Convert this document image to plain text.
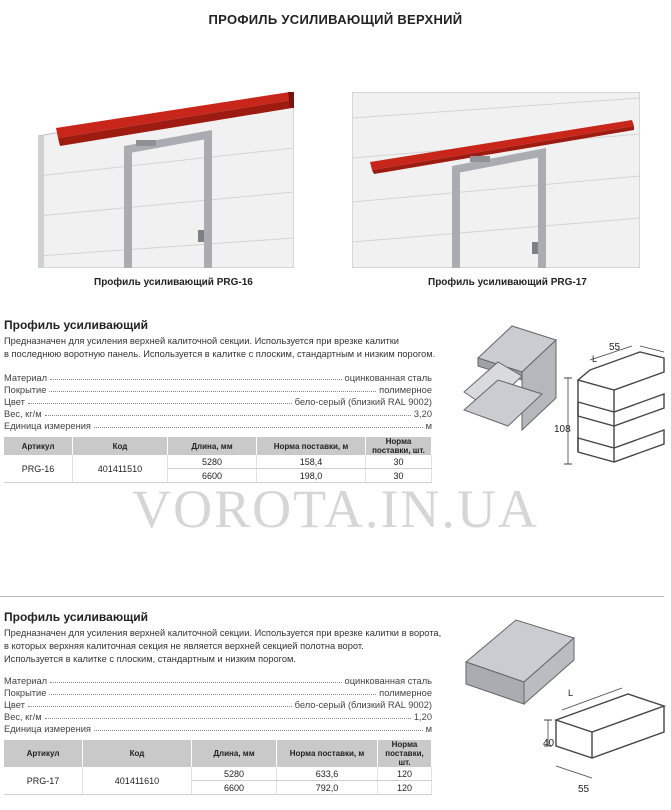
ПРОФИЛЬ УСИЛИВАЮЩИЙ ВЕРХНИЙ
Профиль усиливающий PRG-16	Профиль усиливающий PRG-17
Профиль усиливающий
Предназначен для усиления верхней калиточной секции. Используется при врезке калитки
в последнюю воротную панель. Используется в калитке с плоским, стандартным и низким порогом.
Материал	оцинкованная сталь
Покрытие	полимерное
Цвет	бело-серый (близкий RAL 9002)
Вес, кг/м	3,20
Единица измерения	м
Артикул	Код	Длина, мм	Норма поставки, м	Норма поставки, шт.
PRG-16	401411510	5280	158,4	30
		6600	198,0	30
55
108
L
VOROTA.IN.UA
Профиль усиливающий
Предназначен для усиления верхней калиточной секции. Используется при врезке калитки в ворота,
в которых верхняя калиточная секция не является верхней секцией полотна ворот.
Используется в калитке с плоским, стандартным и низким порогом.
Материал	оцинкованная сталь
Покрытие	полимерное
Цвет	бело-серый (близкий RAL 9002)
Вес, кг/м	1,20
Единица измерения	м
Артикул	Код	Длина, мм	Норма поставки, м	Норма поставки, шт.
PRG-17	401411610	5280	633,6	120
		6600	792,0	120
40
L
55
